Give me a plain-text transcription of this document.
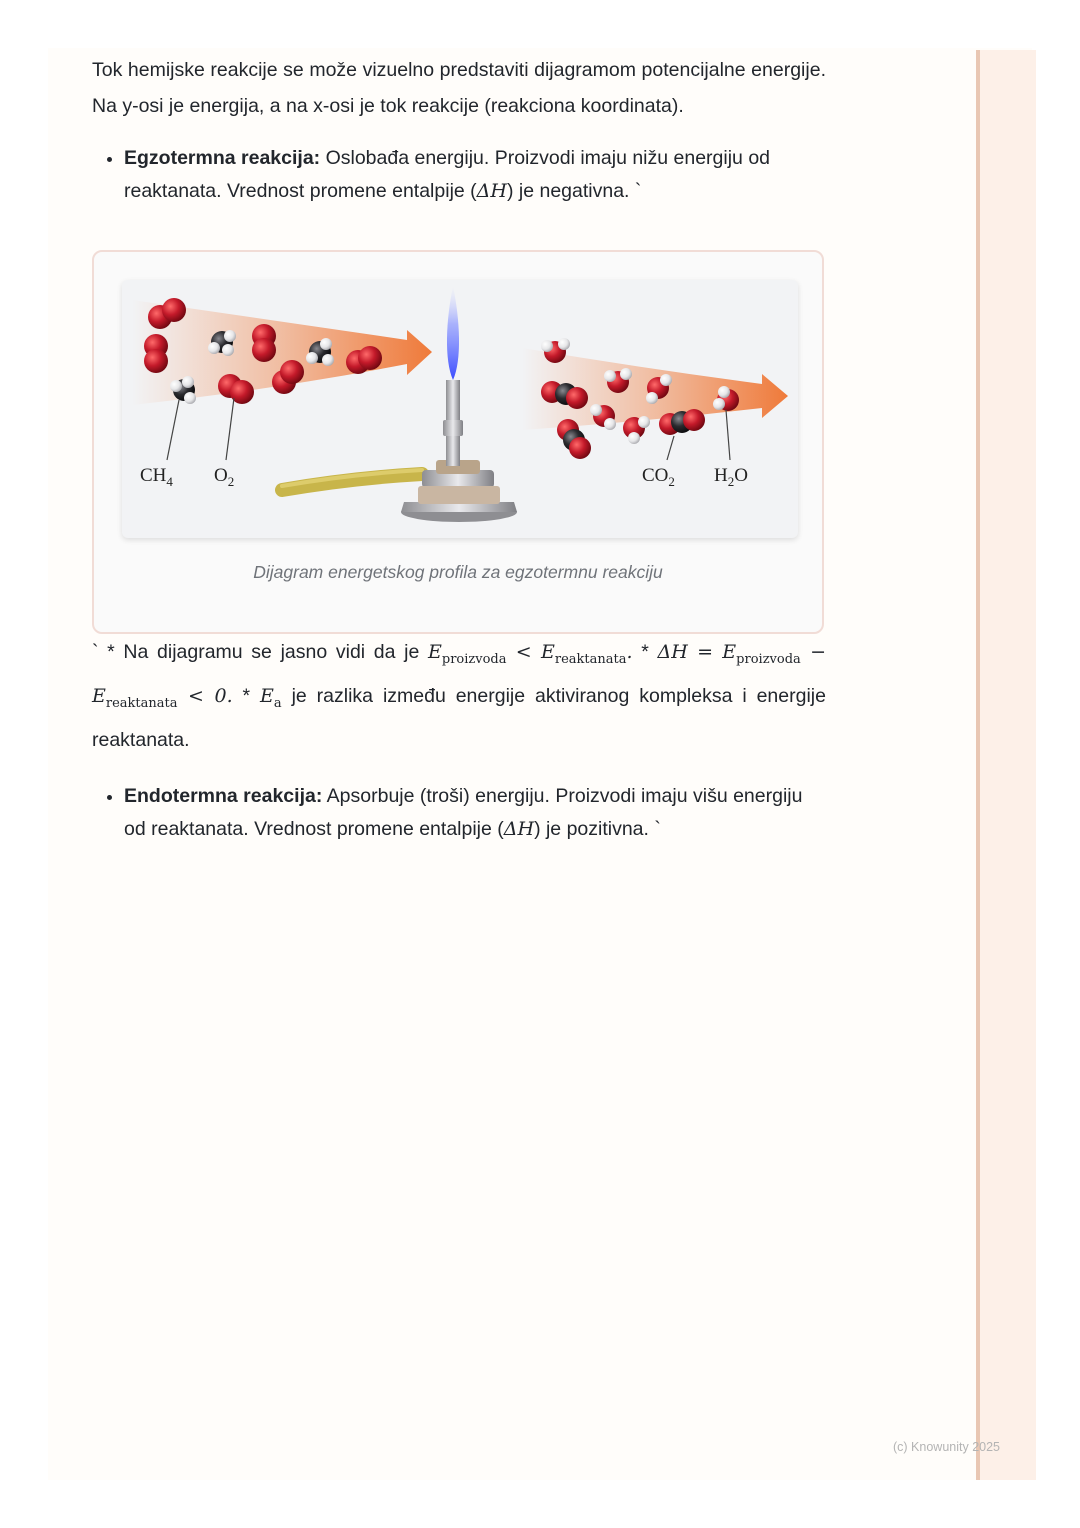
Tok hemijske reakcije se može vizuelno predstaviti dijagramom potencijalne energije. Na y-osi je energija, a na x-osi je tok reakcije (reakciona koordinata).

• Egzotermna reakcija: Oslobađa energiju. Proizvodi imaju nižu energiju od reaktanata. Vrednost promene entalpije (ΔH) je negativna. `
$CH_4$ $O_2$	$CO_2$ $H_2O$
Dijagram energetskog profila za egzotermnu reakciju

` * Na dijagramu se jasno vidi da je $E_{proizvoda} < E_{reaktanata}$. * $\Delta H = E_{proizvoda} - E_{reaktanata} < 0$. * $E_a$ je razlika između energije aktiviranog kompleksa i energije reaktanata.

• Endotermna reakcija: Apsorbuje (troši) energiju. Proizvodi imaju višu energiju od reaktanata. Vrednost promene entalpije (ΔH) je pozitivna. `
(c) Knowunity 2025
